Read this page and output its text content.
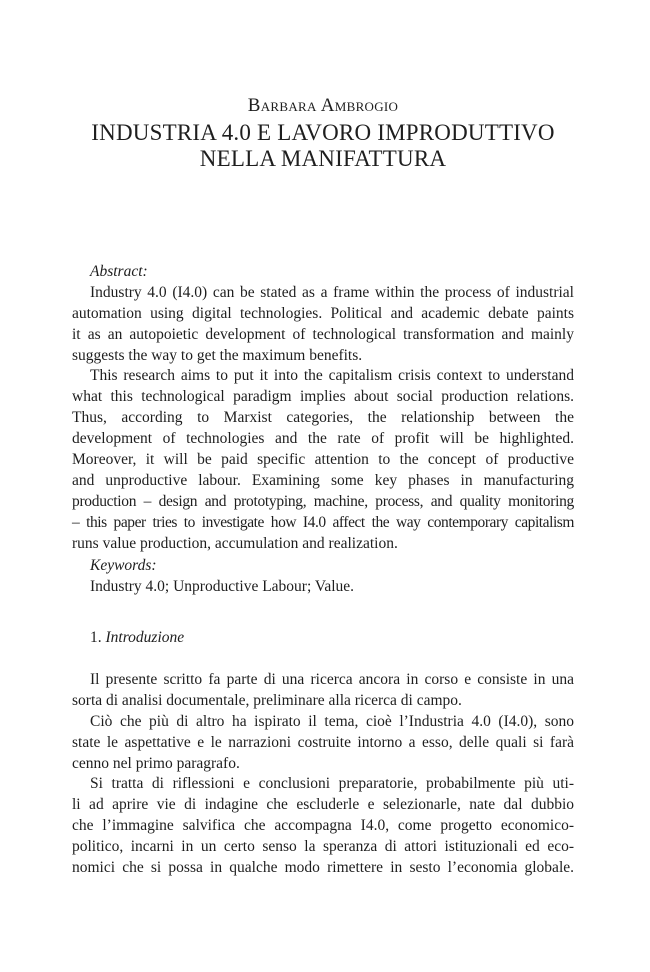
Barbara Ambrogio
INDUSTRIA 4.0 E LAVORO IMPRODUTTIVO
NELLA MANIFATTURA
Abstract:
Industry 4.0 (I4.0) can be stated as a frame within the process of industrial
automation using digital technologies. Political and academic debate paints
it as an autopoietic development of technological transformation and mainly
suggests the way to get the maximum benefits.
This research aims to put it into the capitalism crisis context to understand
what this technological paradigm implies about social production relations.
Thus, according to Marxist categories, the relationship between the
development of technologies and the rate of profit will be highlighted.
Moreover, it will be paid specific attention to the concept of productive
and unproductive labour. Examining some key phases in manufacturing
production – design and prototyping, machine, process, and quality monitoring
– this paper tries to investigate how I4.0 affect the way contemporary capitalism
runs value production, accumulation and realization.
Keywords:
Industry 4.0; Unproductive Labour; Value.
1. Introduzione
Il presente scritto fa parte di una ricerca ancora in corso e consiste in una
sorta di analisi documentale, preliminare alla ricerca di campo.
Ciò che più di altro ha ispirato il tema, cioè l’Industria 4.0 (I4.0), sono
state le aspettative e le narrazioni costruite intorno a esso, delle quali si farà
cenno nel primo paragrafo.
Si tratta di riflessioni e conclusioni preparatorie, probabilmente più uti-
li ad aprire vie di indagine che escluderle e selezionarle, nate dal dubbio
che l’immagine salvifica che accompagna I4.0, come progetto economico-
politico, incarni in un certo senso la speranza di attori istituzionali ed eco-
nomici che si possa in qualche modo rimettere in sesto l’economia globale.
